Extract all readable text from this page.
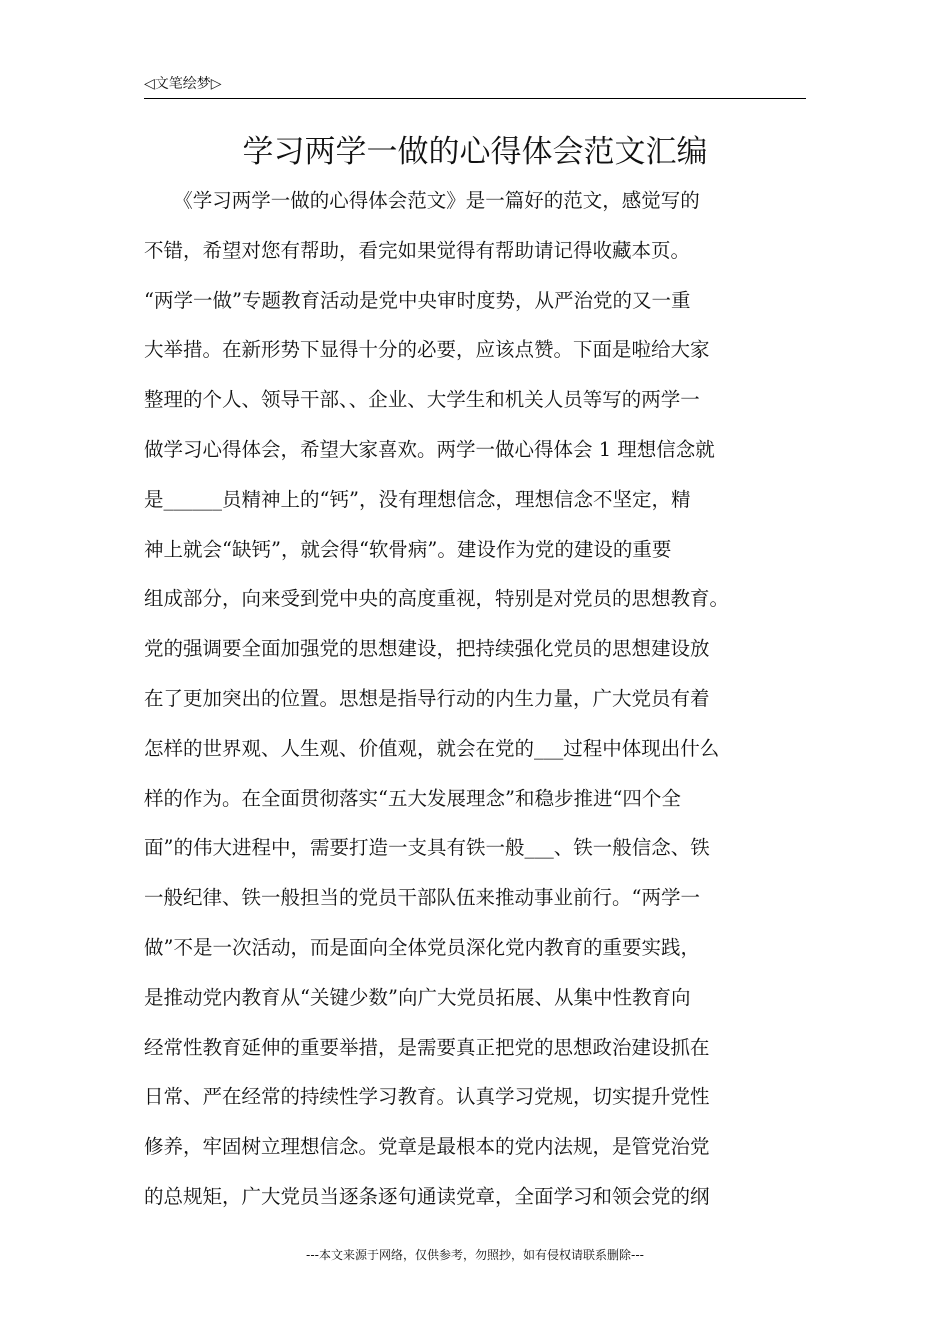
◁文笔绘梦▷
学习两学一做的心得体会范文汇编
　　《学习两学一做的心得体会范文》是一篇好的范文，感觉写的
不错，希望对您有帮助，看完如果觉得有帮助请记得收藏本页。
“两学一做”专题教育活动是党中央审时度势，从严治党的又一重
大举措。在新形势下显得十分的必要，应该点赞。下面是啦给大家
整理的个人、领导干部、、企业、大学生和机关人员等写的两学一
做学习心得体会，希望大家喜欢。两学一做心得体会 1 理想信念就
是______员精神上的“钙”，没有理想信念，理想信念不坚定，精
神上就会“缺钙”，就会得“软骨病”。建设作为党的建设的重要
组成部分，向来受到党中央的高度重视，特别是对党员的思想教育。
党的强调要全面加强党的思想建设，把持续强化党员的思想建设放
在了更加突出的位置。思想是指导行动的内生力量，广大党员有着
怎样的世界观、人生观、价值观，就会在党的___过程中体现出什么
样的作为。在全面贯彻落实“五大发展理念”和稳步推进“四个全
面”的伟大进程中，需要打造一支具有铁一般___、铁一般信念、铁
一般纪律、铁一般担当的党员干部队伍来推动事业前行。“两学一
做”不是一次活动，而是面向全体党员深化党内教育的重要实践，
是推动党内教育从“关键少数”向广大党员拓展、从集中性教育向
经常性教育延伸的重要举措，是需要真正把党的思想政治建设抓在
日常、严在经常的持续性学习教育。认真学习党规，切实提升党性
修养，牢固树立理想信念。党章是最根本的党内法规，是管党治党
的总规矩，广大党员当逐条逐句通读党章，全面学习和领会党的纲
---本文来源于网络，仅供参考，勿照抄，如有侵权请联系删除---
